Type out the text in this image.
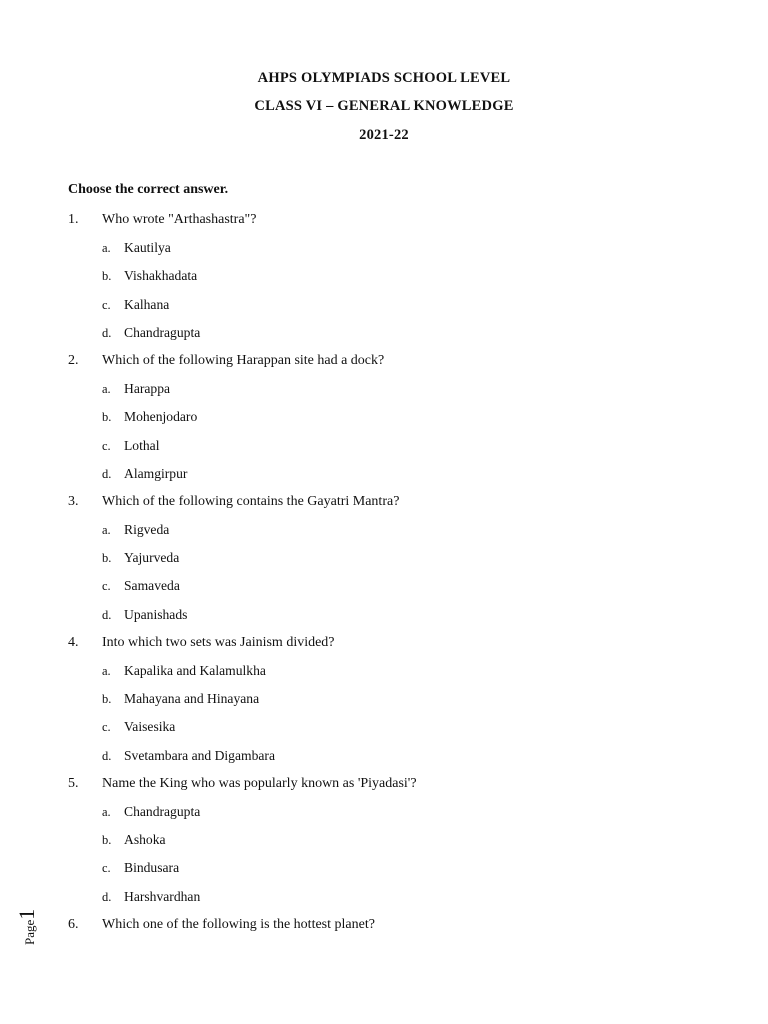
AHPS OLYMPIADS SCHOOL LEVEL
CLASS VI – GENERAL KNOWLEDGE
2021-22
Choose the correct answer.
1. Who wrote "Arthashastra"?
a. Kautilya
b. Vishakhadata
c. Kalhana
d. Chandragupta
2. Which of the following Harappan site had a dock?
a. Harappa
b. Mohenjodaro
c. Lothal
d. Alamgirpur
3. Which of the following contains the Gayatri Mantra?
a. Rigveda
b. Yajurveda
c. Samaveda
d. Upanishads
4. Into which two sets was Jainism divided?
a. Kapalika and Kalamulkha
b. Mahayana and Hinayana
c. Vaisesika
d. Svetambara and Digambara
5. Name the King who was popularly known as 'Piyadasi'?
a. Chandragupta
b. Ashoka
c. Bindusara
d. Harshvardhan
6. Which one of the following is the hottest planet?
Page1
